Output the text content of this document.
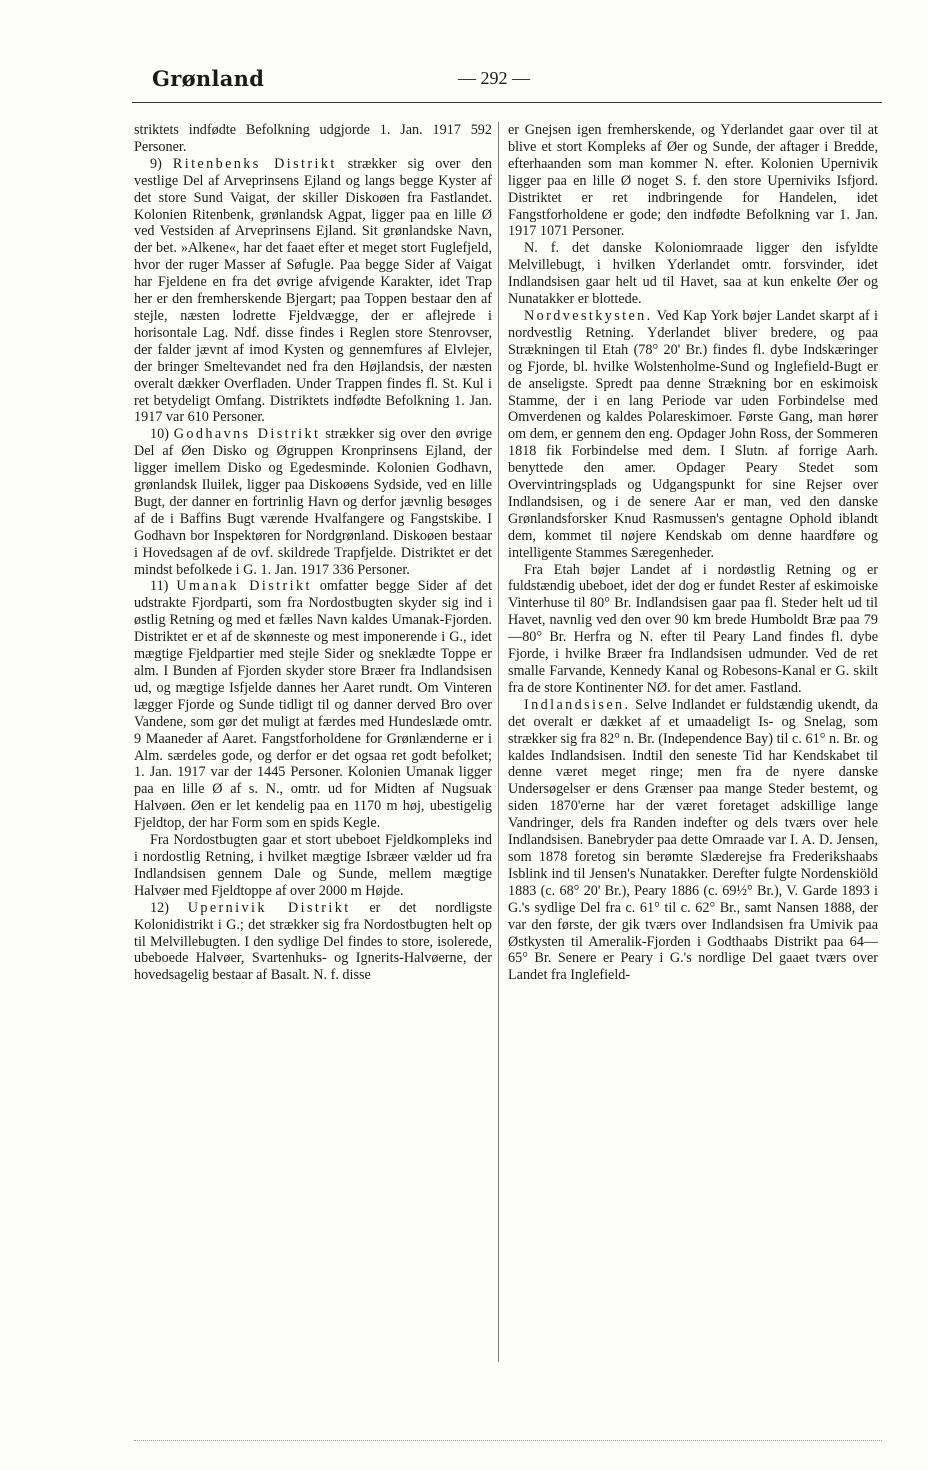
Grønland	— 292 —

striktets indfødte Befolkning udgjorde 1. Jan. 1917 592 Personer.

9) Ritenbenks Distrikt strækker sig over den vestlige Del af Arveprinsens Ejland og langs begge Kyster af det store Sund Vaigat, der skiller Diskoøen fra Fastlandet. Kolonien Ritenbenk, grønlandsk Agpat, ligger paa en lille Ø ved Vestsiden af Arveprinsens Ejland. Sit grønlandske Navn, der bet. »Alkene«, har det faaet efter et meget stort Fuglefjeld, hvor der ruger Masser af Søfugle. Paa begge Sider af Vaigat har Fjeldene en fra det øvrige afvigende Karakter, idet Trap her er den fremherskende Bjergart; paa Toppen bestaar den af stejle, næsten lodrette Fjeldvægge, der er aflejrede i horisontale Lag. Ndf. disse findes i Reglen store Stenrovser, der falder jævnt af imod Kysten og gennemfures af Elvlejer, der bringer Smeltevandet ned fra den Højlandsis, der næsten overalt dækker Overfladen. Under Trappen findes fl. St. Kul i ret betydeligt Omfang. Distriktets indfødte Befolkning 1. Jan. 1917 var 610 Personer.

10) Godhavns Distrikt strækker sig over den øvrige Del af Øen Disko og Øgruppen Kronprinsens Ejland, der ligger imellem Disko og Egedesminde. Kolonien Godhavn, grønlandsk Iluilek, ligger paa Diskoøens Sydside, ved en lille Bugt, der danner en fortrinlig Havn og derfor jævnlig besøges af de i Baffins Bugt værende Hvalfangere og Fangstskibe. I Godhavn bor Inspektøren for Nordgrønland. Diskoøen bestaar i Hovedsagen af de ovf. skildrede Trapfjelde. Distriktet er det mindst befolkede i G. 1. Jan. 1917 336 Personer.

11) Umanak Distrikt omfatter begge Sider af det udstrakte Fjordparti, som fra Nordostbugten skyder sig ind i østlig Retning og med et fælles Navn kaldes Umanak-Fjorden. Distriktet er et af de skønneste og mest imponerende i G., idet mægtige Fjeldpartier med stejle Sider og sneklædte Toppe er alm. I Bunden af Fjorden skyder store Bræer fra Indlandsisen ud, og mægtige Isfjelde dannes her Aaret rundt. Om Vinteren lægger Fjorde og Sunde tidligt til og danner derved Bro over Vandene, som gør det muligt at færdes med Hundeslæde omtr. 9 Maaneder af Aaret. Fangstforholdene for Grønlænderne er i Alm. særdeles gode, og derfor er det ogsaa ret godt befolket; 1. Jan. 1917 var der 1445 Personer. Kolonien Umanak ligger paa en lille Ø af s. N., omtr. ud for Midten af Nugsuak Halvøen. Øen er let kendelig paa en 1170 m høj, ubestigelig Fjeldtop, der har Form som en spids Kegle.

Fra Nordostbugten gaar et stort ubeboet Fjeldkompleks ind i nordostlig Retning, i hvilket mægtige Isbræer vælder ud fra Indlandsisen gennem Dale og Sunde, mellem mægtige Halvøer med Fjeldtoppe af over 2000 m Højde.

12) Upernivik Distrikt er det nordligste Kolonidistrikt i G.; det strækker sig fra Nordostbugten helt op til Melvillebugten. I den sydlige Del findes to store, isolerede, ubeboede Halvøer, Svartenhuks- og Ignerits-Halvøerne, der hovedsagelig bestaar af Basalt. N. f. disse

er Gnejsen igen fremherskende, og Yderlandet gaar over til at blive et stort Kompleks af Øer og Sunde, der aftager i Bredde, efterhaanden som man kommer N. efter. Kolonien Upernivik ligger paa en lille Ø noget S. f. den store Uperniviks Isfjord. Distriktet er ret indbringende for Handelen, idet Fangstforholdene er gode; den indfødte Befolkning var 1. Jan. 1917 1071 Personer.

N. f. det danske Koloniomraade ligger den isfyldte Melvillebugt, i hvilken Yderlandet omtr. forsvinder, idet Indlandsisen gaar helt ud til Havet, saa at kun enkelte Øer og Nunatakker er blottede.

Nordvestkysten. Ved Kap York bøjer Landet skarpt af i nordvestlig Retning. Yderlandet bliver bredere, og paa Strækningen til Etah (78° 20' Br.) findes fl. dybe Indskæringer og Fjorde, bl. hvilke Wolstenholme-Sund og Inglefield-Bugt er de anseligste. Spredt paa denne Strækning bor en eskimoisk Stamme, der i en lang Periode var uden Forbindelse med Omverdenen og kaldes Polareskimoer. Første Gang, man hører om dem, er gennem den eng. Opdager John Ross, der Sommeren 1818 fik Forbindelse med dem. I Slutn. af forrige Aarh. benyttede den amer. Opdager Peary Stedet som Overvintringsplads og Udgangspunkt for sine Rejser over Indlandsisen, og i de senere Aar er man, ved den danske Grønlandsforsker Knud Rasmussen's gentagne Ophold iblandt dem, kommet til nøjere Kendskab om denne haardføre og intelligente Stammes Særegenheder.

Fra Etah bøjer Landet af i nordøstlig Retning og er fuldstændig ubeboet, idet der dog er fundet Rester af eskimoiske Vinterhuse til 80° Br. Indlandsisen gaar paa fl. Steder helt ud til Havet, navnlig ved den over 90 km brede Humboldt Bræ paa 79—80° Br. Herfra og N. efter til Peary Land findes fl. dybe Fjorde, i hvilke Bræer fra Indlandsisen udmunder. Ved de ret smalle Farvande, Kennedy Kanal og Robesons-Kanal er G. skilt fra de store Kontinenter NØ. for det amer. Fastland.

Indlandsisen. Selve Indlandet er fuldstændig ukendt, da det overalt er dækket af et umaadeligt Is- og Snelag, som strækker sig fra 82° n. Br. (Independence Bay) til c. 61° n. Br. og kaldes Indlandsisen. Indtil den seneste Tid har Kendskabet til denne været meget ringe; men fra de nyere danske Undersøgelser er dens Grænser paa mange Steder bestemt, og siden 1870'erne har der været foretaget adskillige lange Vandringer, dels fra Randen indefter og dels tværs over hele Indlandsisen. Banebryder paa dette Omraade var I. A. D. Jensen, som 1878 foretog sin berømte Slæderejse fra Frederikshaabs Isblink ind til Jensen's Nunatakker. Derefter fulgte Nordenskiöld 1883 (c. 68° 20' Br.), Peary 1886 (c. 69½° Br.), V. Garde 1893 i G.'s sydlige Del fra c. 61° til c. 62° Br., samt Nansen 1888, der var den første, der gik tværs over Indlandsisen fra Umivik paa Østkysten til Ameralik-Fjorden i Godthaabs Distrikt paa 64—65° Br. Senere er Peary i G.'s nordlige Del gaaet tværs over Landet fra Inglefield-
